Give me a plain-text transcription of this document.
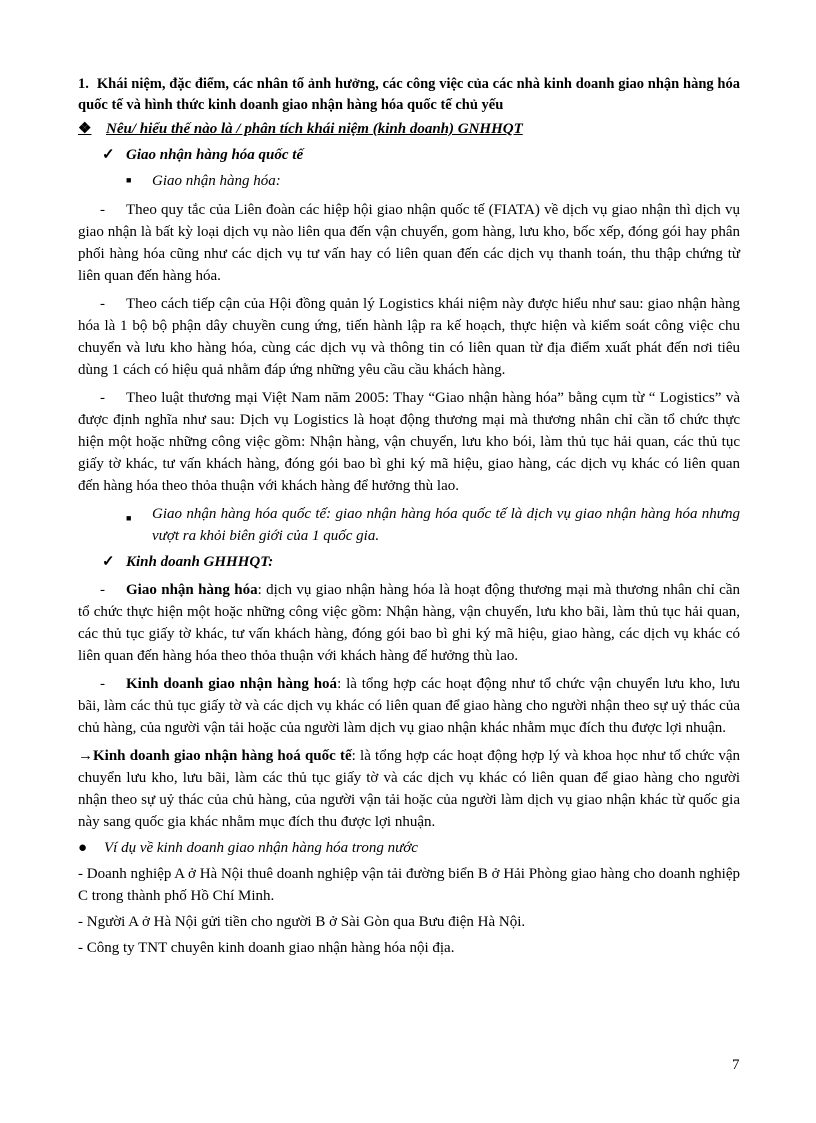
1. Khái niệm, đặc điểm, các nhân tố ảnh hưởng, các công việc của các nhà kinh doanh giao nhận hàng hóa quốc tế và hình thức kinh doanh giao nhận hàng hóa quốc tế chủ yếu

❖ Nêu/ hiểu thế nào là / phân tích khái niệm (kinh doanh) GNHHQT
✓ Giao nhận hàng hóa quốc tế
■	Giao nhận hàng hóa:

- Theo quy tắc của Liên đoàn các hiệp hội giao nhận quốc tế (FIATA) về dịch vụ giao nhận thì dịch vụ giao nhận là bất kỳ loại dịch vụ nào liên qua đến vận chuyển, gom hàng, lưu kho, bốc xếp, đóng gói hay phân phối hàng hóa cũng như các dịch vụ tư vấn hay có liên quan đến các dịch vụ thanh toán, thu thập chứng từ liên quan đến hàng hóa.

- Theo cách tiếp cận của Hội đồng quản lý Logistics khái niệm này được hiểu như sau: giao nhận hàng hóa là 1 bộ bộ phận dây chuyền cung ứng, tiến hành lập ra kế hoạch, thực hiện và kiểm soát công việc chu chuyển và lưu kho hàng hóa, cùng các dịch vụ và thông tin có liên quan từ địa điểm xuất phát đến nơi tiêu dùng 1 cách có hiệu quả nhằm đáp ứng những yêu cầu cầu khách hàng.

- Theo luật thương mại Việt Nam năm 2005: Thay “Giao nhận hàng hóa” bằng cụm từ “ Logistics” và được định nghĩa như sau: Dịch vụ Logistics là hoạt động thương mại mà thương nhân chỉ cần tổ chức thực hiện một hoặc những công việc gồm: Nhận hàng, vận chuyển, lưu kho bói, làm thủ tục hải quan, các thủ tục giấy tờ khác, tư vấn khách hàng, đóng gói bao bì ghi ký mã hiệu, giao hàng, các dịch vụ khác có liên quan đến hàng hóa theo thỏa thuận với khách hàng để hưởng thù lao.

■	Giao nhận hàng hóa quốc tế: giao nhận hàng hóa quốc tế là dịch vụ giao nhận hàng hóa nhưng vượt ra khỏi biên giới của 1 quốc gia.
✓ Kinh doanh GHHHQT:

- Giao nhận hàng hóa: dịch vụ giao nhận hàng hóa là hoạt động thương mại mà thương nhân chỉ cần tổ chức thực hiện một hoặc những công việc gồm: Nhận hàng, vận chuyển, lưu kho bãi, làm thủ tục hải quan, các thủ tục giấy tờ khác, tư vấn khách hàng, đóng gói bao bì ghi ký mã hiệu, giao hàng, các dịch vụ khác có liên quan đến hàng hóa theo thỏa thuận với khách hàng để hưởng thù lao.

- Kinh doanh giao nhận hàng hoá: là tổng hợp các hoạt động như tổ chức vận chuyển lưu kho, lưu bãi, làm các thủ tục giấy tờ và các dịch vụ khác có liên quan để giao hàng cho người nhận theo sự uỷ thác của chủ hàng, của người vận tải hoặc của người làm dịch vụ giao nhận khác nhằm mục đích thu được lợi nhuận.

→Kinh doanh giao nhận hàng hoá quốc tế: là tổng hợp các hoạt động hợp lý và khoa học như tổ chức vận chuyển lưu kho, lưu bãi, làm các thủ tục giấy tờ và các dịch vụ khác có liên quan để giao hàng cho người nhận theo sự uỷ thác của chủ hàng, của người vận tải hoặc của người làm dịch vụ giao nhận khác từ quốc gia này sang quốc gia khác nhằm mục đích thu được lợi nhuận.

●	Ví dụ về kinh doanh giao nhận hàng hóa trong nước

- Doanh nghiệp A ở Hà Nội thuê doanh nghiệp vận tải đường biển B ở Hải Phòng giao hàng cho doanh nghiệp C trong thành phố Hồ Chí Minh.

- Người A ở Hà Nội gửi tiền cho người B ở Sài Gòn qua Bưu điện Hà Nội.

- Công ty TNT chuyên kinh doanh giao nhận hàng hóa nội địa.

7
